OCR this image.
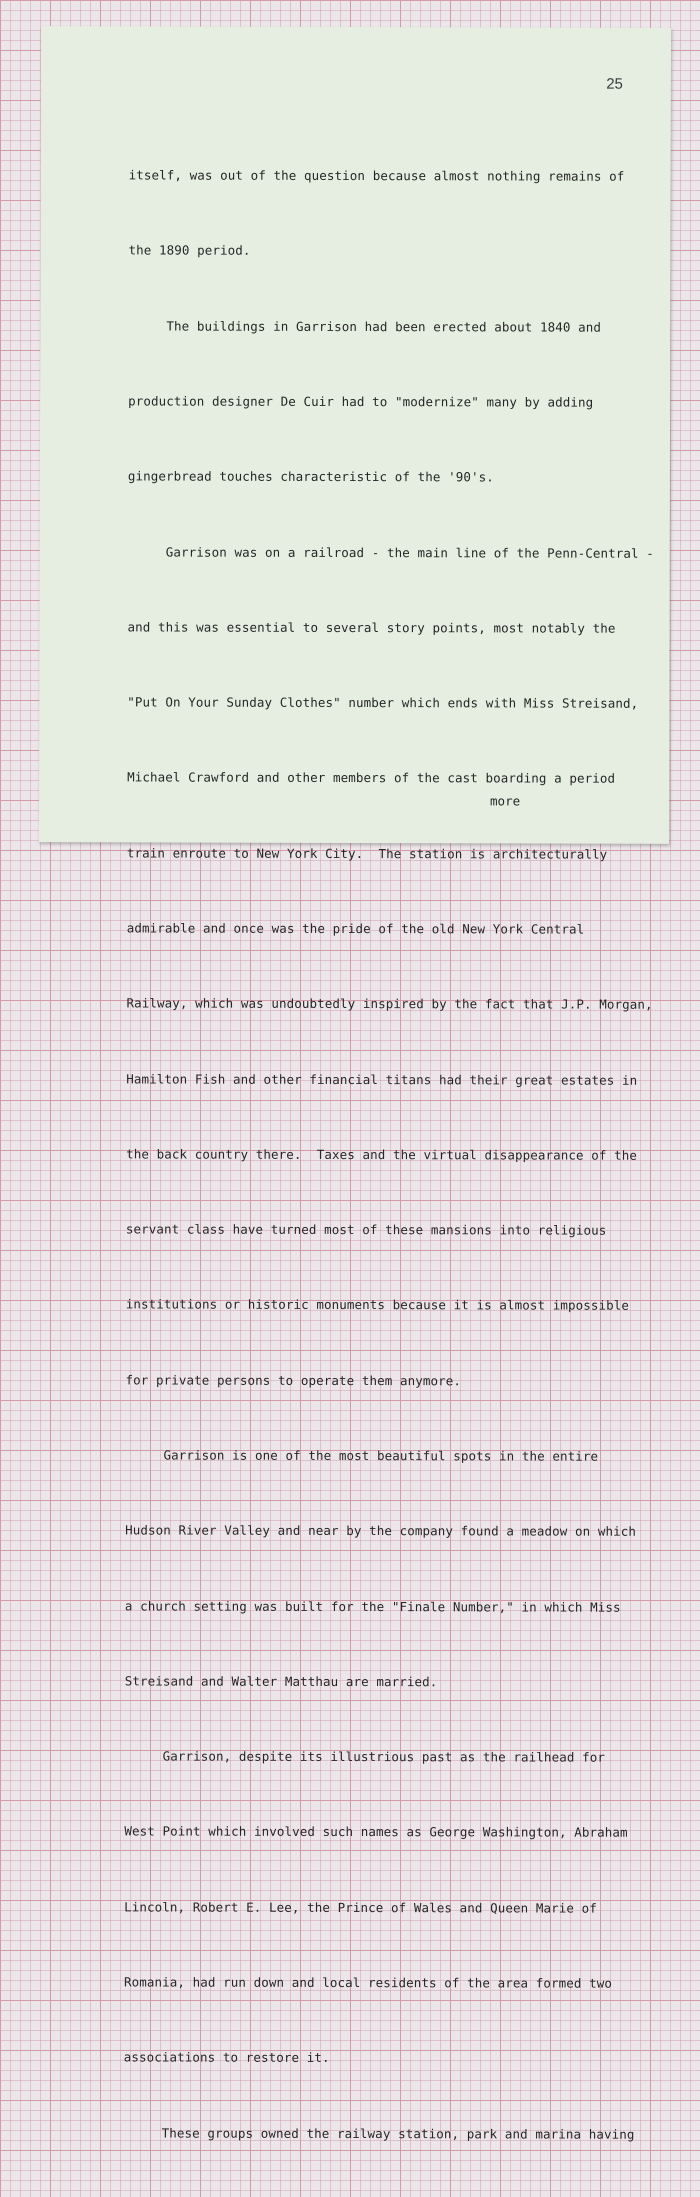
25

itself, was out of the question because almost nothing remains of

the 1890 period.

The buildings in Garrison had been erected about 1840 and

production designer De Cuir had to "modernize" many by adding

gingerbread touches characteristic of the '90's.

Garrison was on a railroad - the main line of the Penn-Central -

and this was essential to several story points, most notably the

"Put On Your Sunday Clothes" number which ends with Miss Streisand,

Michael Crawford and other members of the cast boarding a period

train enroute to New York City.  The station is architecturally

admirable and once was the pride of the old New York Central

Railway, which was undoubtedly inspired by the fact that J.P. Morgan,

Hamilton Fish and other financial titans had their great estates in

the back country there.  Taxes and the virtual disappearance of the

servant class have turned most of these mansions into religious

institutions or historic monuments because it is almost impossible

for private persons to operate them anymore.

Garrison is one of the most beautiful spots in the entire

Hudson River Valley and near by the company found a meadow on which

a church setting was built for the "Finale Number," in which Miss

Streisand and Walter Matthau are married.

Garrison, despite its illustrious past as the railhead for

West Point which involved such names as George Washington, Abraham

Lincoln, Robert E. Lee, the Prince of Wales and Queen Marie of

Romania, had run down and local residents of the area formed two

associations to restore it.

These groups owned the railway station, park and marina having

more
